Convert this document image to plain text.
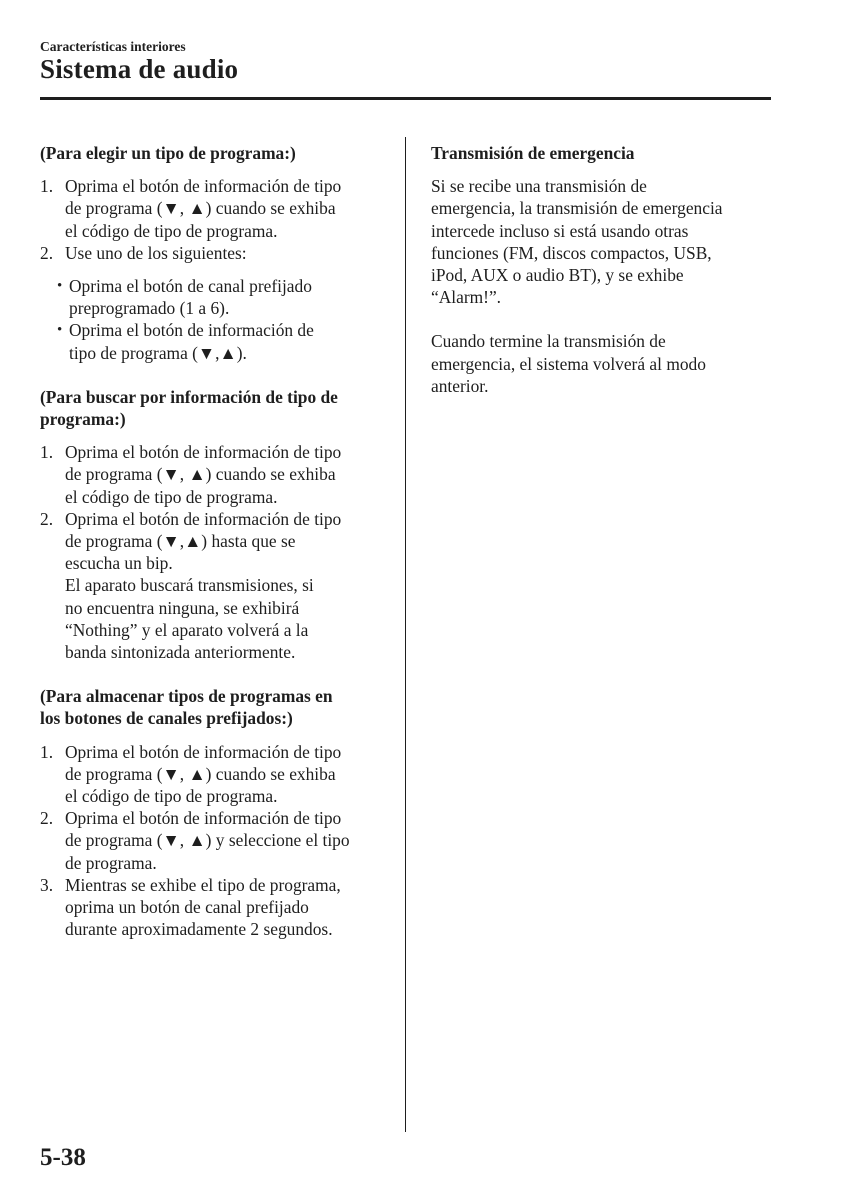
Características interiores
Sistema de audio
(Para elegir un tipo de programa:)
1. Oprima el botón de información de tipo
de programa (▼, ▲) cuando se exhiba
el código de tipo de programa.
2. Use uno de los siguientes:
• Oprima el botón de canal prefijado
preprogramado (1 a 6).
• Oprima el botón de información de
tipo de programa (▼,▲).
(Para buscar por información de tipo de
programa:)
1. Oprima el botón de información de tipo
de programa (▼, ▲) cuando se exhiba
el código de tipo de programa.
2. Oprima el botón de información de tipo
de programa (▼,▲) hasta que se
escucha un bip.
El aparato buscará transmisiones, si
no encuentra ninguna, se exhibirá
“Nothing” y el aparato volverá a la
banda sintonizada anteriormente.
(Para almacenar tipos de programas en
los botones de canales prefijados:)
1. Oprima el botón de información de tipo
de programa (▼, ▲) cuando se exhiba
el código de tipo de programa.
2. Oprima el botón de información de tipo
de programa (▼, ▲) y seleccione el tipo
de programa.
3. Mientras se exhibe el tipo de programa,
oprima un botón de canal prefijado
durante aproximadamente 2 segundos.
Transmisión de emergencia
Si se recibe una transmisión de
emergencia, la transmisión de emergencia
intercede incluso si está usando otras
funciones (FM, discos compactos, USB,
iPod, AUX o audio BT), y se exhibe
“Alarm!”.
Cuando termine la transmisión de
emergencia, el sistema volverá al modo
anterior.
5-38
